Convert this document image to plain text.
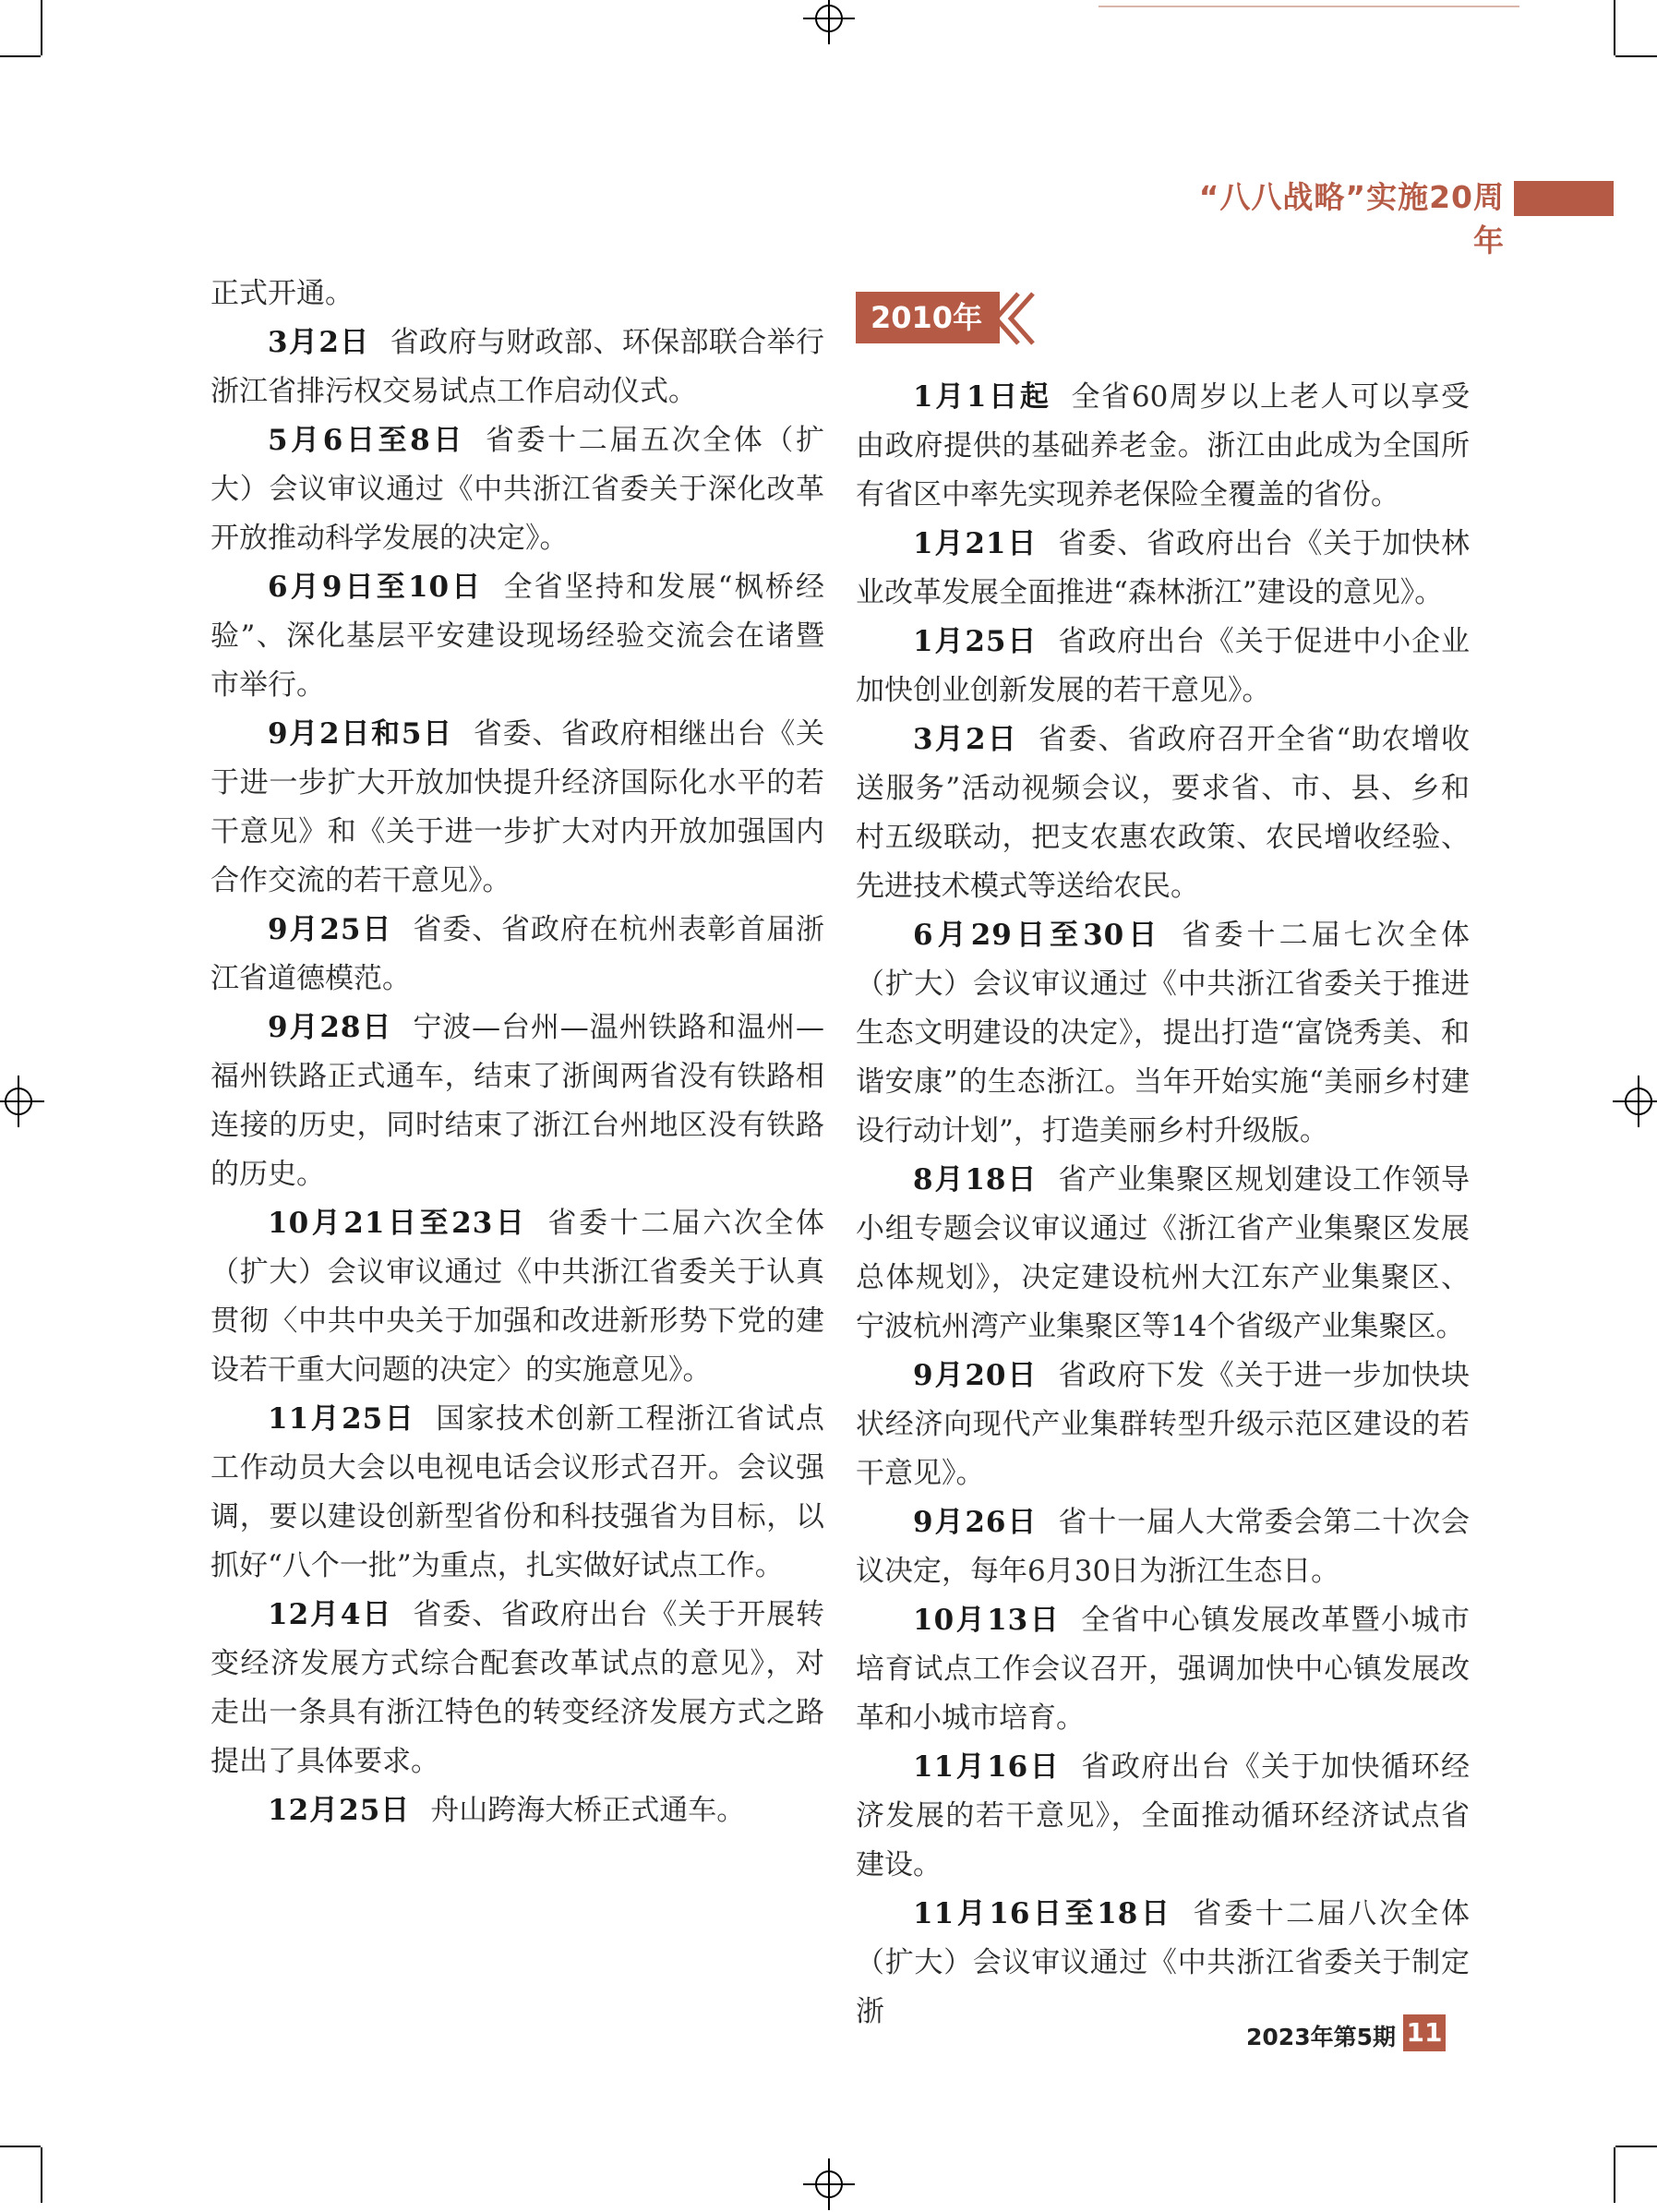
“八八战略”实施20周年

正式开通。

3月2日 省政府与财政部、环保部联合举行浙江省排污权交易试点工作启动仪式。

5月6日至8日 省委十二届五次全体（扩大）会议审议通过《中共浙江省委关于深化改革开放推动科学发展的决定》。

6月9日至10日 全省坚持和发展“枫桥经验”、深化基层平安建设现场经验交流会在诸暨市举行。

9月2日和5日 省委、省政府相继出台《关于进一步扩大开放加快提升经济国际化水平的若干意见》和《关于进一步扩大对内开放加强国内合作交流的若干意见》。

9月25日 省委、省政府在杭州表彰首届浙江省道德模范。

9月28日 宁波—台州—温州铁路和温州—福州铁路正式通车，结束了浙闽两省没有铁路相连接的历史，同时结束了浙江台州地区没有铁路的历史。

10月21日至23日 省委十二届六次全体（扩大）会议审议通过《中共浙江省委关于认真贯彻〈中共中央关于加强和改进新形势下党的建设若干重大问题的决定〉的实施意见》。

11月25日 国家技术创新工程浙江省试点工作动员大会以电视电话会议形式召开。会议强调，要以建设创新型省份和科技强省为目标，以抓好“八个一批”为重点，扎实做好试点工作。

12月4日 省委、省政府出台《关于开展转变经济发展方式综合配套改革试点的意见》，对走出一条具有浙江特色的转变经济发展方式之路提出了具体要求。

12月25日 舟山跨海大桥正式通车。

2010年

1月1日起 全省60周岁以上老人可以享受由政府提供的基础养老金。浙江由此成为全国所有省区中率先实现养老保险全覆盖的省份。

1月21日 省委、省政府出台《关于加快林业改革发展全面推进“森林浙江”建设的意见》。

1月25日 省政府出台《关于促进中小企业加快创业创新发展的若干意见》。

3月2日 省委、省政府召开全省“助农增收送服务”活动视频会议，要求省、市、县、乡和村五级联动，把支农惠农政策、农民增收经验、先进技术模式等送给农民。

6月29日至30日 省委十二届七次全体（扩大）会议审议通过《中共浙江省委关于推进生态文明建设的决定》，提出打造“富饶秀美、和谐安康”的生态浙江。当年开始实施“美丽乡村建设行动计划”，打造美丽乡村升级版。

8月18日 省产业集聚区规划建设工作领导小组专题会议审议通过《浙江省产业集聚区发展总体规划》，决定建设杭州大江东产业集聚区、宁波杭州湾产业集聚区等14个省级产业集聚区。

9月20日 省政府下发《关于进一步加快块状经济向现代产业集群转型升级示范区建设的若干意见》。

9月26日 省十一届人大常委会第二十次会议决定，每年6月30日为浙江生态日。

10月13日 全省中心镇发展改革暨小城市培育试点工作会议召开，强调加快中心镇发展改革和小城市培育。

11月16日 省政府出台《关于加快循环经济发展的若干意见》，全面推动循环经济试点省建设。

11月16日至18日 省委十二届八次全体（扩大）会议审议通过《中共浙江省委关于制定浙

2023年第5期 11
